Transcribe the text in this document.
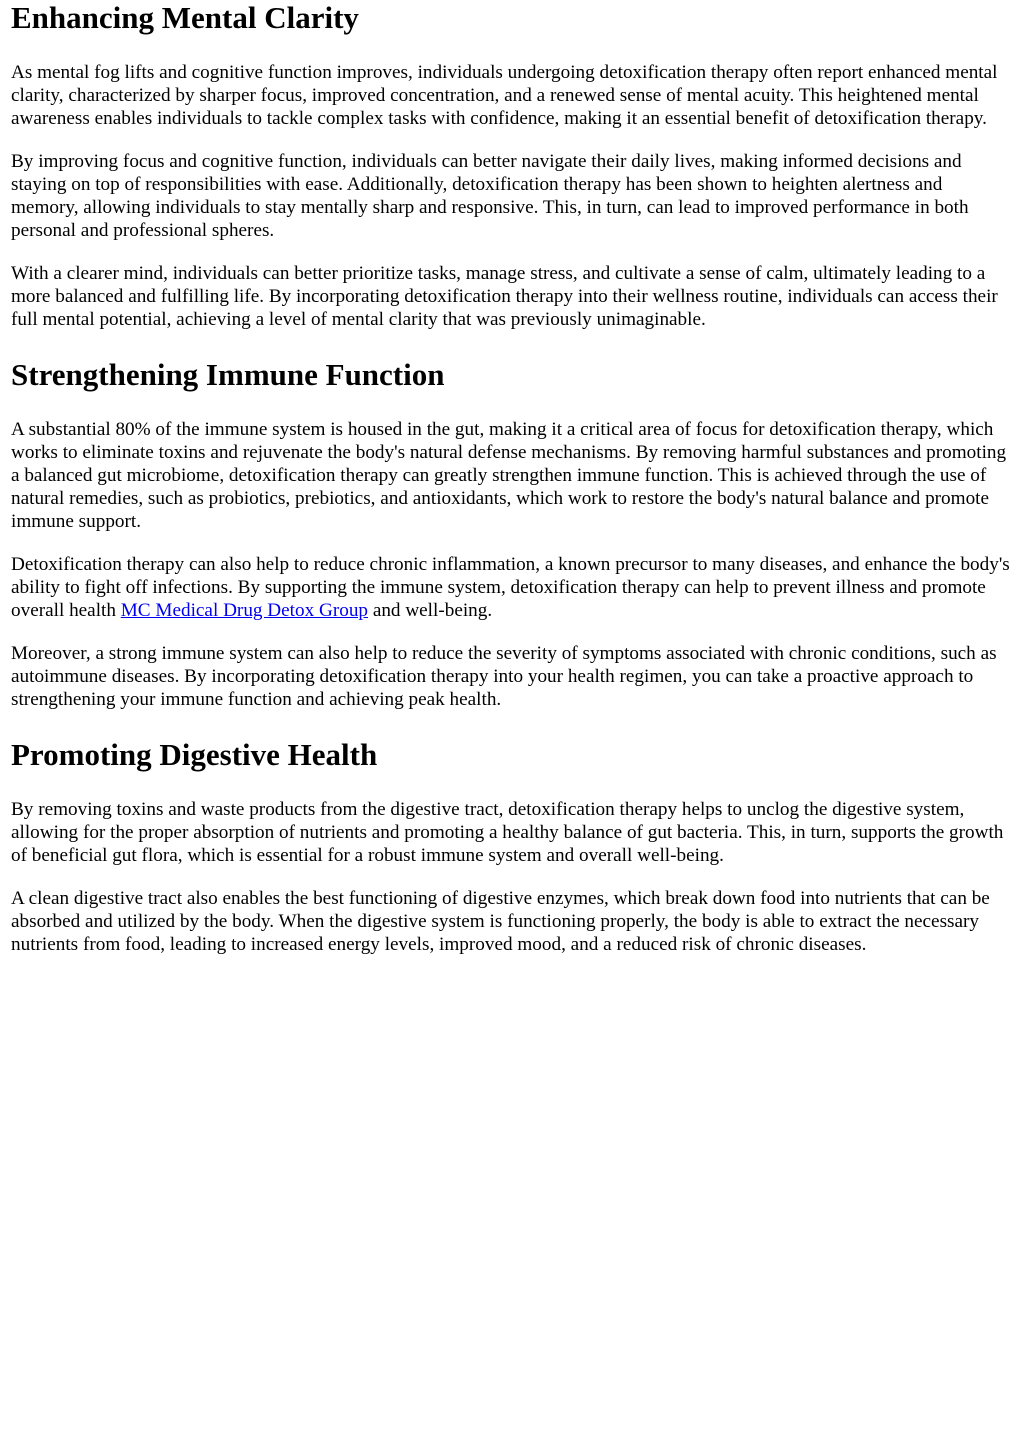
Enhancing Mental Clarity

As mental fog lifts and cognitive function improves, individuals undergoing detoxification therapy often report enhanced mental clarity, characterized by sharper focus, improved concentration, and a renewed sense of mental acuity. This heightened mental awareness enables individuals to tackle complex tasks with confidence, making it an essential benefit of detoxification therapy.

By improving focus and cognitive function, individuals can better navigate their daily lives, making informed decisions and staying on top of responsibilities with ease. Additionally, detoxification therapy has been shown to heighten alertness and memory, allowing individuals to stay mentally sharp and responsive. This, in turn, can lead to improved performance in both personal and professional spheres.

With a clearer mind, individuals can better prioritize tasks, manage stress, and cultivate a sense of calm, ultimately leading to a more balanced and fulfilling life. By incorporating detoxification therapy into their wellness routine, individuals can access their full mental potential, achieving a level of mental clarity that was previously unimaginable.

Strengthening Immune Function

A substantial 80% of the immune system is housed in the gut, making it a critical area of focus for detoxification therapy, which works to eliminate toxins and rejuvenate the body's natural defense mechanisms. By removing harmful substances and promoting a balanced gut microbiome, detoxification therapy can greatly strengthen immune function. This is achieved through the use of natural remedies, such as probiotics, prebiotics, and antioxidants, which work to restore the body's natural balance and promote immune support.

Detoxification therapy can also help to reduce chronic inflammation, a known precursor to many diseases, and enhance the body's ability to fight off infections. By supporting the immune system, detoxification therapy can help to prevent illness and promote overall health MC Medical Drug Detox Group and well-being.

Moreover, a strong immune system can also help to reduce the severity of symptoms associated with chronic conditions, such as autoimmune diseases. By incorporating detoxification therapy into your health regimen, you can take a proactive approach to strengthening your immune function and achieving peak health.

Promoting Digestive Health

By removing toxins and waste products from the digestive tract, detoxification therapy helps to unclog the digestive system, allowing for the proper absorption of nutrients and promoting a healthy balance of gut bacteria. This, in turn, supports the growth of beneficial gut flora, which is essential for a robust immune system and overall well-being.

A clean digestive tract also enables the best functioning of digestive enzymes, which break down food into nutrients that can be absorbed and utilized by the body. When the digestive system is functioning properly, the body is able to extract the necessary nutrients from food, leading to increased energy levels, improved mood, and a reduced risk of chronic diseases.
